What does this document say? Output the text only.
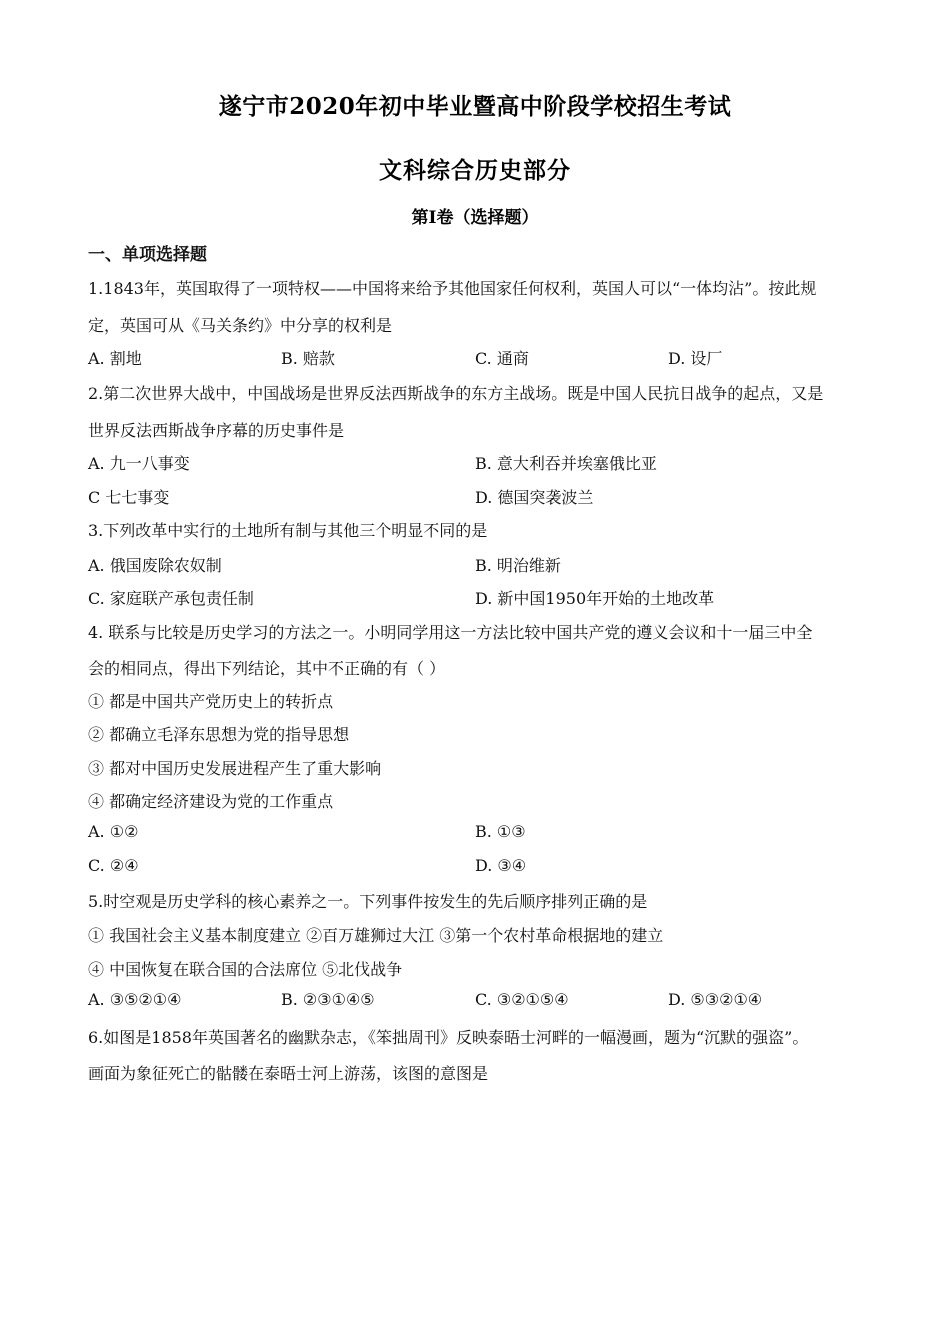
遂宁市2020年初中毕业暨高中阶段学校招生考试
文科综合历史部分
第Ⅰ卷（选择题）
一、单项选择题
1.1843年，英国取得了一项特权——中国将来给予其他国家任何权利，英国人可以“一体均沾”。按此规
定，英国可从《马关条约》中分享的权利是
A. 割地	B. 赔款	C. 通商	D. 设厂
2.第二次世界大战中，中国战场是世界反法西斯战争的东方主战场。既是中国人民抗日战争的起点，又是
世界反法西斯战争序幕的历史事件是
A. 九一八事变	B. 意大利吞并埃塞俄比亚
C 七七事变	D. 德国突袭波兰
3.下列改革中实行的土地所有制与其他三个明显不同的是
A. 俄国废除农奴制	B. 明治维新
C. 家庭联产承包责任制	D. 新中国1950年开始的土地改革
4. 联系与比较是历史学习的方法之一。小明同学用这一方法比较中国共产党的遵义会议和十一届三中全
会的相同点，得出下列结论，其中不正确的有（ ）
① 都是中国共产党历史上的转折点
② 都确立毛泽东思想为党的指导思想
③ 都对中国历史发展进程产生了重大影响
④ 都确定经济建设为党的工作重点
A. ①②	B. ①③
C. ②④	D. ③④
5.时空观是历史学科的核心素养之一。下列事件按发生的先后顺序排列正确的是
① 我国社会主义基本制度建立 ②百万雄狮过大江 ③第一个农村革命根据地的建立
④ 中国恢复在联合国的合法席位 ⑤北伐战争
A. ③⑤②①④	B. ②③①④⑤	C. ③②①⑤④	D. ⑤③②①④
6.如图是1858年英国著名的幽默杂志，《笨拙周刊》反映泰晤士河畔的一幅漫画，题为“沉默的强盗”。
画面为象征死亡的骷髅在泰晤士河上游荡，该图的意图是
